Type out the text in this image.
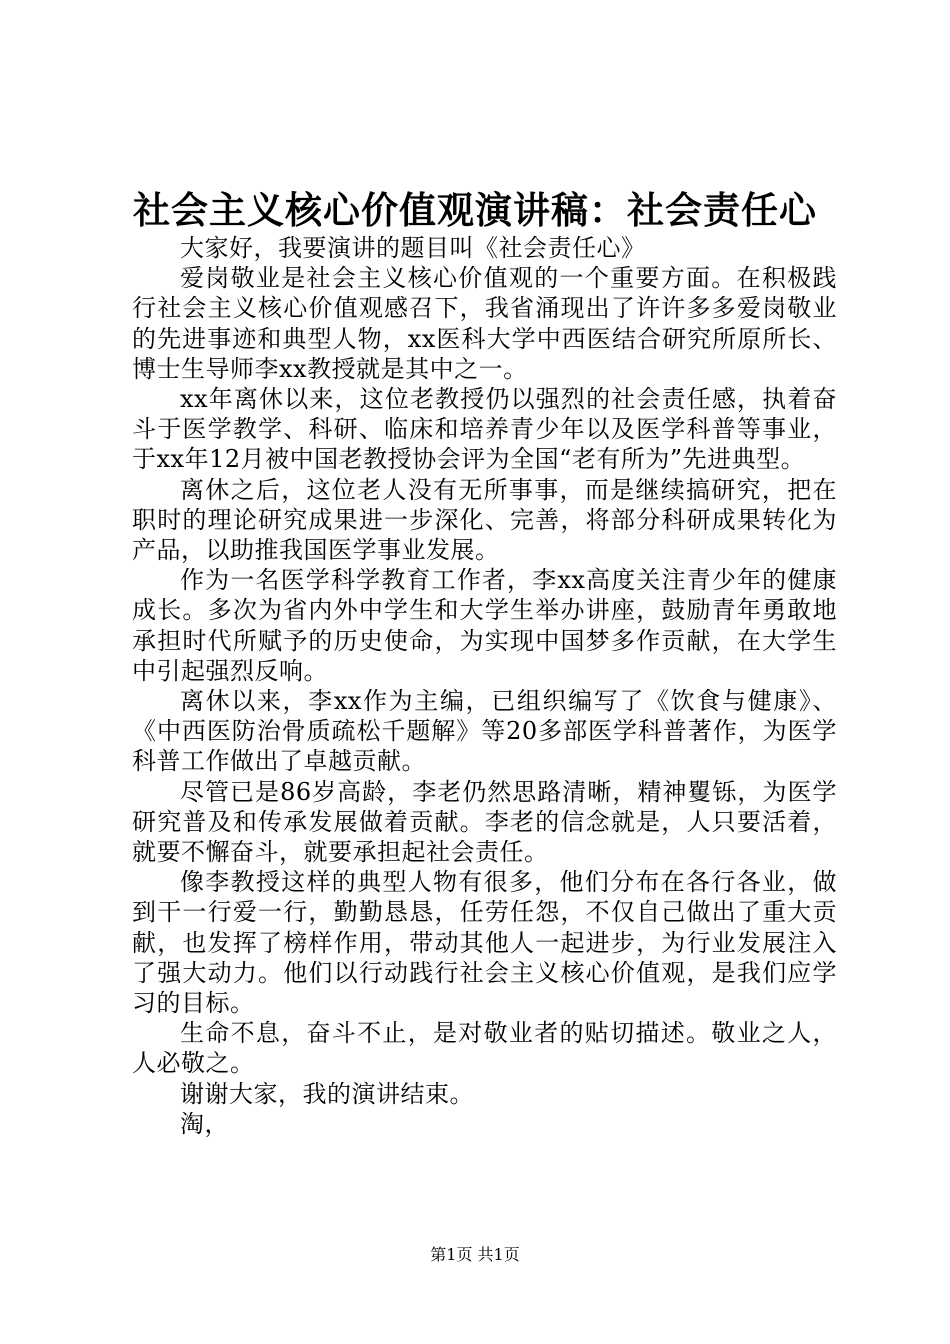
社会主义核心价值观演讲稿：社会责任心

大家好，我要演讲的题目叫《社会责任心》

爱岗敬业是社会主义核心价值观的一个重要方面。在积极践行社会主义核心价值观感召下，我省涌现出了许许多多爱岗敬业的先进事迹和典型人物，xx医科大学中西医结合研究所原所长、博士生导师李xx教授就是其中之一。

xx年离休以来，这位老教授仍以强烈的社会责任感，执着奋斗于医学教学、科研、临床和培养青少年以及医学科普等事业，于xx年12月被中国老教授协会评为全国“老有所为”先进典型。

离休之后，这位老人没有无所事事，而是继续搞研究，把在职时的理论研究成果进一步深化、完善，将部分科研成果转化为产品，以助推我国医学事业发展。

作为一名医学科学教育工作者，李xx高度关注青少年的健康成长。多次为省内外中学生和大学生举办讲座，鼓励青年勇敢地承担时代所赋予的历史使命，为实现中国梦多作贡献，在大学生中引起强烈反响。

离休以来，李xx作为主编，已组织编写了《饮食与健康》、《中西医防治骨质疏松千题解》等20多部医学科普著作，为医学科普工作做出了卓越贡献。

尽管已是86岁高龄，李老仍然思路清晰，精神矍铄，为医学研究普及和传承发展做着贡献。李老的信念就是，人只要活着，就要不懈奋斗，就要承担起社会责任。

像李教授这样的典型人物有很多，他们分布在各行各业，做到干一行爱一行，勤勤恳恳，任劳任怨，不仅自己做出了重大贡献，也发挥了榜样作用，带动其他人一起进步，为行业发展注入了强大动力。他们以行动践行社会主义核心价值观，是我们应学习的目标。

生命不息，奋斗不止，是对敬业者的贴切描述。敬业之人，人必敬之。

谢谢大家，我的演讲结束。

淘，

第1页 共1页
